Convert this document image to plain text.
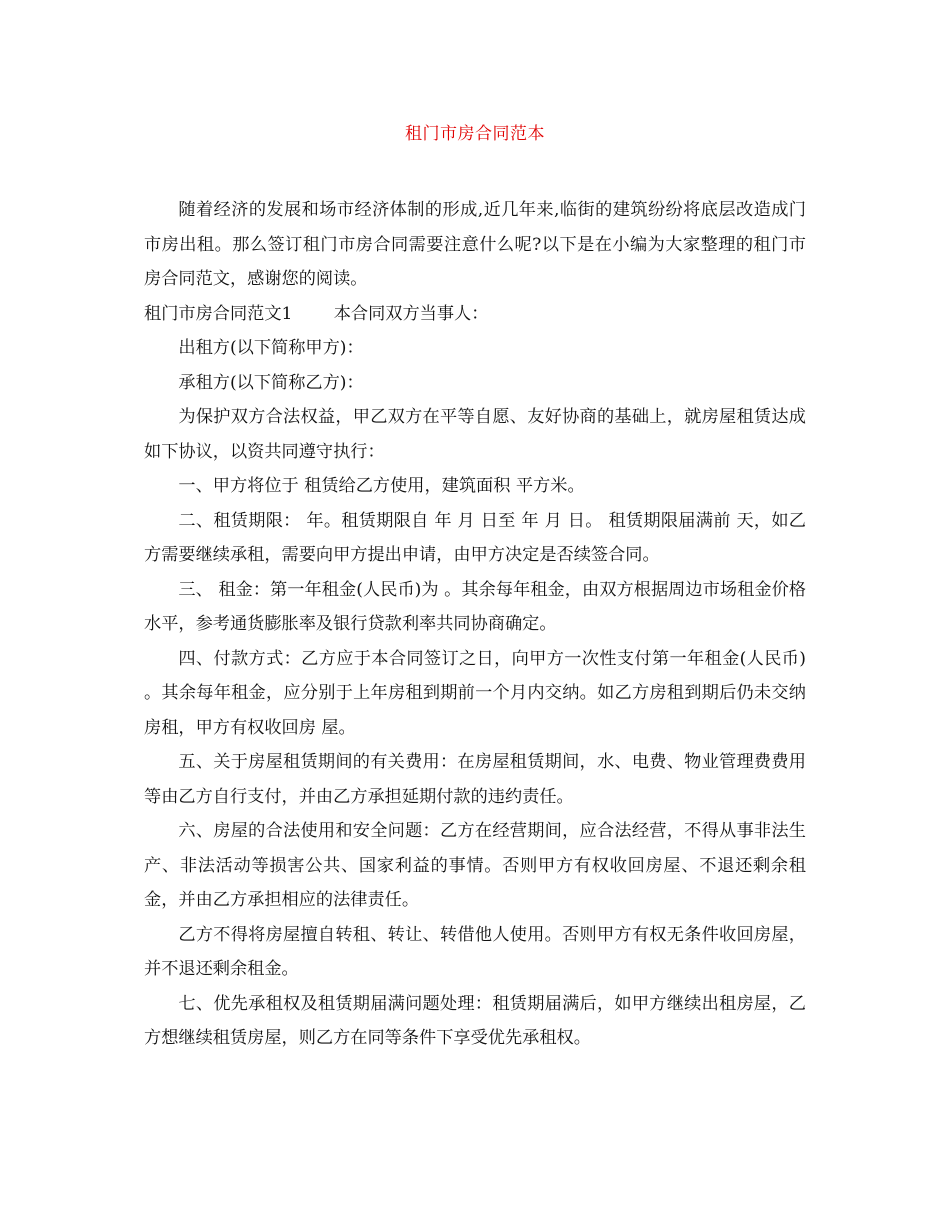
租门市房合同范本

随着经济的发展和场市经济体制的形成,近几年来,临街的建筑纷纷将底层改造成门市房出租。那么签订租门市房合同需要注意什么呢?以下是在小编为大家整理的租门市房合同范文，感谢您的阅读。

租门市房合同范文1 本合同双方当事人：

出租方(以下简称甲方)：

承租方(以下简称乙方)：

为保护双方合法权益，甲乙双方在平等自愿、友好协商的基础上，就房屋租赁达成如下协议，以资共同遵守执行：

一、甲方将位于 租赁给乙方使用，建筑面积 平方米。

二、租赁期限： 年。租赁期限自 年 月 日至 年 月 日。 租赁期限届满前 天，如乙方需要继续承租，需要向甲方提出申请，由甲方决定是否续签合同。

三、 租金：第一年租金(人民币)为 。其余每年租金，由双方根据周边市场租金价格水平，参考通货膨胀率及银行贷款利率共同协商确定。

四、付款方式：乙方应于本合同签订之日，向甲方一次性支付第一年租金(人民币) 。其余每年租金，应分别于上年房租到期前一个月内交纳。如乙方房租到期后仍未交纳房租，甲方有权收回房 屋。

五、关于房屋租赁期间的有关费用：在房屋租赁期间，水、电费、物业管理费费用等由乙方自行支付，并由乙方承担延期付款的违约责任。

六、房屋的合法使用和安全问题：乙方在经营期间，应合法经营，不得从事非法生产、非法活动等损害公共、国家利益的事情。否则甲方有权收回房屋、不退还剩余租金，并由乙方承担相应的法律责任。

乙方不得将房屋擅自转租、转让、转借他人使用。否则甲方有权无条件收回房屋，并不退还剩余租金。

七、优先承租权及租赁期届满问题处理：租赁期届满后，如甲方继续出租房屋，乙方想继续租赁房屋，则乙方在同等条件下享受优先承租权。
